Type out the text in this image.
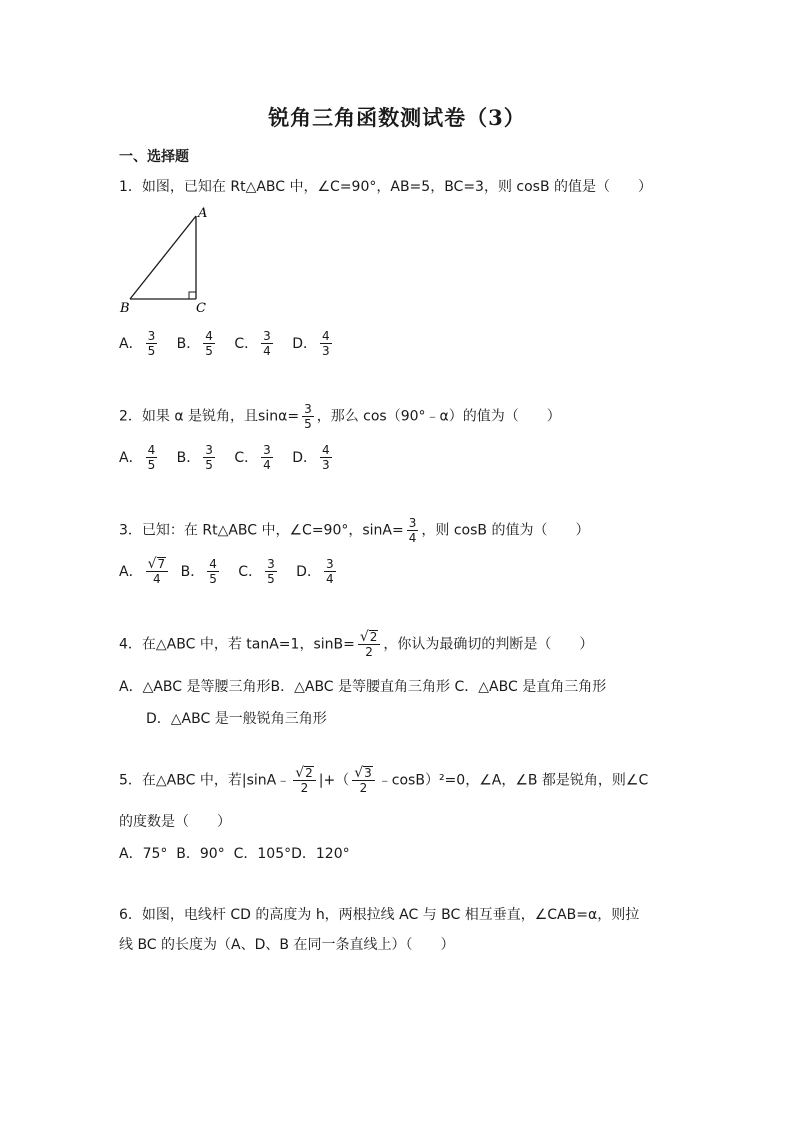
锐角三角函数测试卷（3）
一、选择题
1．如图，已知在 Rt△ABC 中，∠C=90°，AB=5，BC=3，则 cosB 的值是（　　）
A
B	C
A． $\frac{3}{5}$ B． $\frac{4}{5}$ C． $\frac{3}{4}$ D． $\frac{4}{3}$
2．如果 α 是锐角，且$\sin\alpha= \frac{3}{5}$ ，那么 cos（90°﹣α）的值为（　　）
A． $\frac{4}{5}$ B． $\frac{3}{5}$ C． $\frac{3}{4}$ D． $\frac{4}{3}$
3．已知：在 Rt△ABC 中，∠C=90°，$\sin A= \frac{3}{4}$ ，则 cosB 的值为（　　）
A． $\frac{√ 7}{4}$ B． $\frac{4}{5}$ C． $\frac{3}{5}$ D． $\frac{3}{4}$
4．在△ABC 中，若 tanA=1，$\sin B= \frac{√ 2}{2}$ ，你认为最确切的判断是（　　）
A．△ABC 是等腰三角形B．△ABC 是等腰直角三角形 C．△ABC 是直角三角形
D．△ABC 是一般锐角三角形
5．在△ABC 中，若|sinA﹣ $\frac{√ 2}{2}$ |+（ $\frac{√ 3}{2}$ ﹣cosB）²=0，∠A，∠B 都是锐角，则∠C
的度数是（　　）
A．75°  B．90°  C．105°D．120°
6．如图，电线杆 CD 的高度为 h，两根拉线 AC 与 BC 相互垂直，∠CAB=α，则拉
线 BC 的长度为（A、D、B 在同一条直线上）（　　）
